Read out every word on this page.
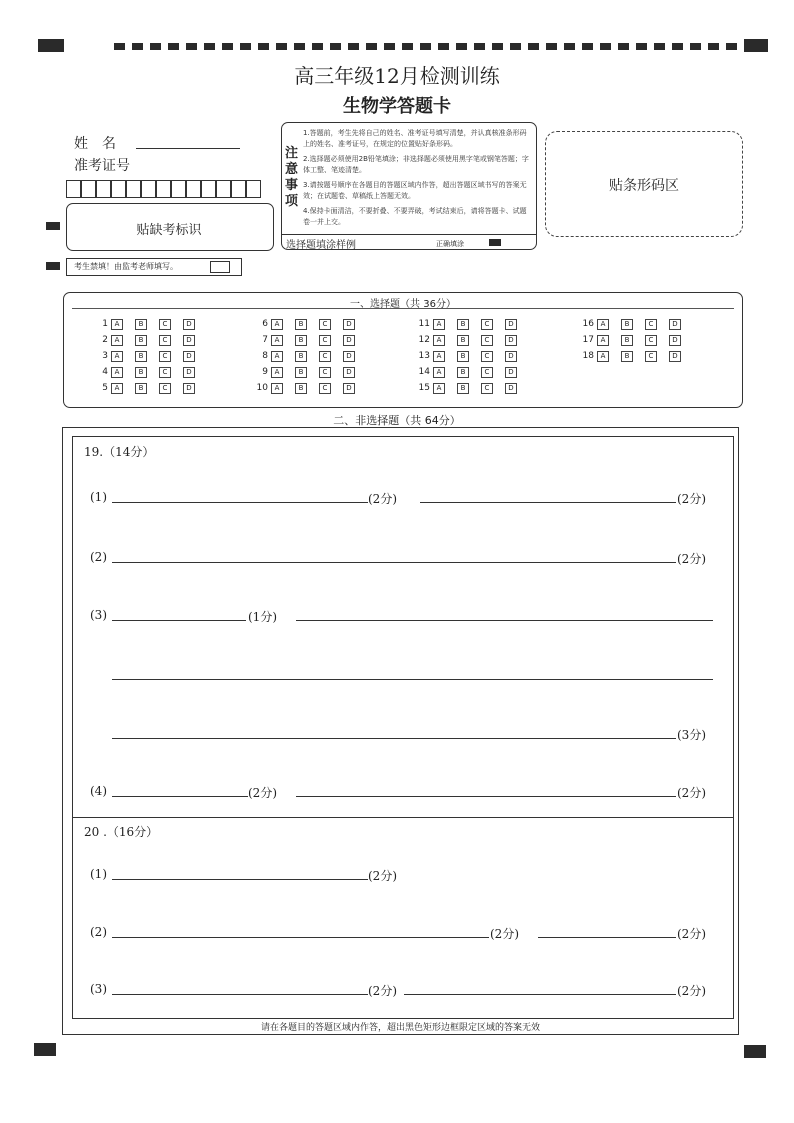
高三年级12月检测训练
生物学答题卡
姓　名
准考证号
贴缺考标识
考生禁填！由监考老师填写。
注意事项
1.答题前，考生先将自己的姓名、准考证号填写清楚，并认真核准条形码上的姓名、准考证号，在规定的位置贴好条形码。
2.选择题必须使用2B铅笔填涂；非选择题必须使用黑字笔或钢笔答题；字体工整、笔迹清楚。
3.请按题号顺序在各题目的答题区域内作答，超出答题区域书写的答案无效；在试题卷、草稿纸上答题无效。
4.保持卡面清洁，不要折叠、不要弄破，考试结束后，请将答题卡、试题卷一并上交。
选择题填涂样例	正确填涂
贴条形码区
一、选择题（共 36分）
1 A	B	C	D
2 A	B	C	D
3 A	B	C	D
4 A	B	C	D
5 A	B	C	D
6 A	B	C	D
7 A	B	C	D
8 A	B	C	D
9 A	B	C	D
10 A	B	C	D
11 A	B	C	D
12 A	B	C	D
13 A	B	C	D
14 A	B	C	D
15 A	B	C	D
16 A	B	C	D
17 A	B	C	D
18 A	B	C	D
二、非选择题（共 64分）
19.（14分）
(1)	(2分)	(2分)
(2)	(2分)
(3)	(1分)
(3分)
(4)	(2分)	(2分)
20 .（16分）
(1)	(2分)
(2)	(2分)	(2分)
(3)	(2分)	(2分)
请在各题目的答题区域内作答，超出黑色矩形边框限定区域的答案无效
